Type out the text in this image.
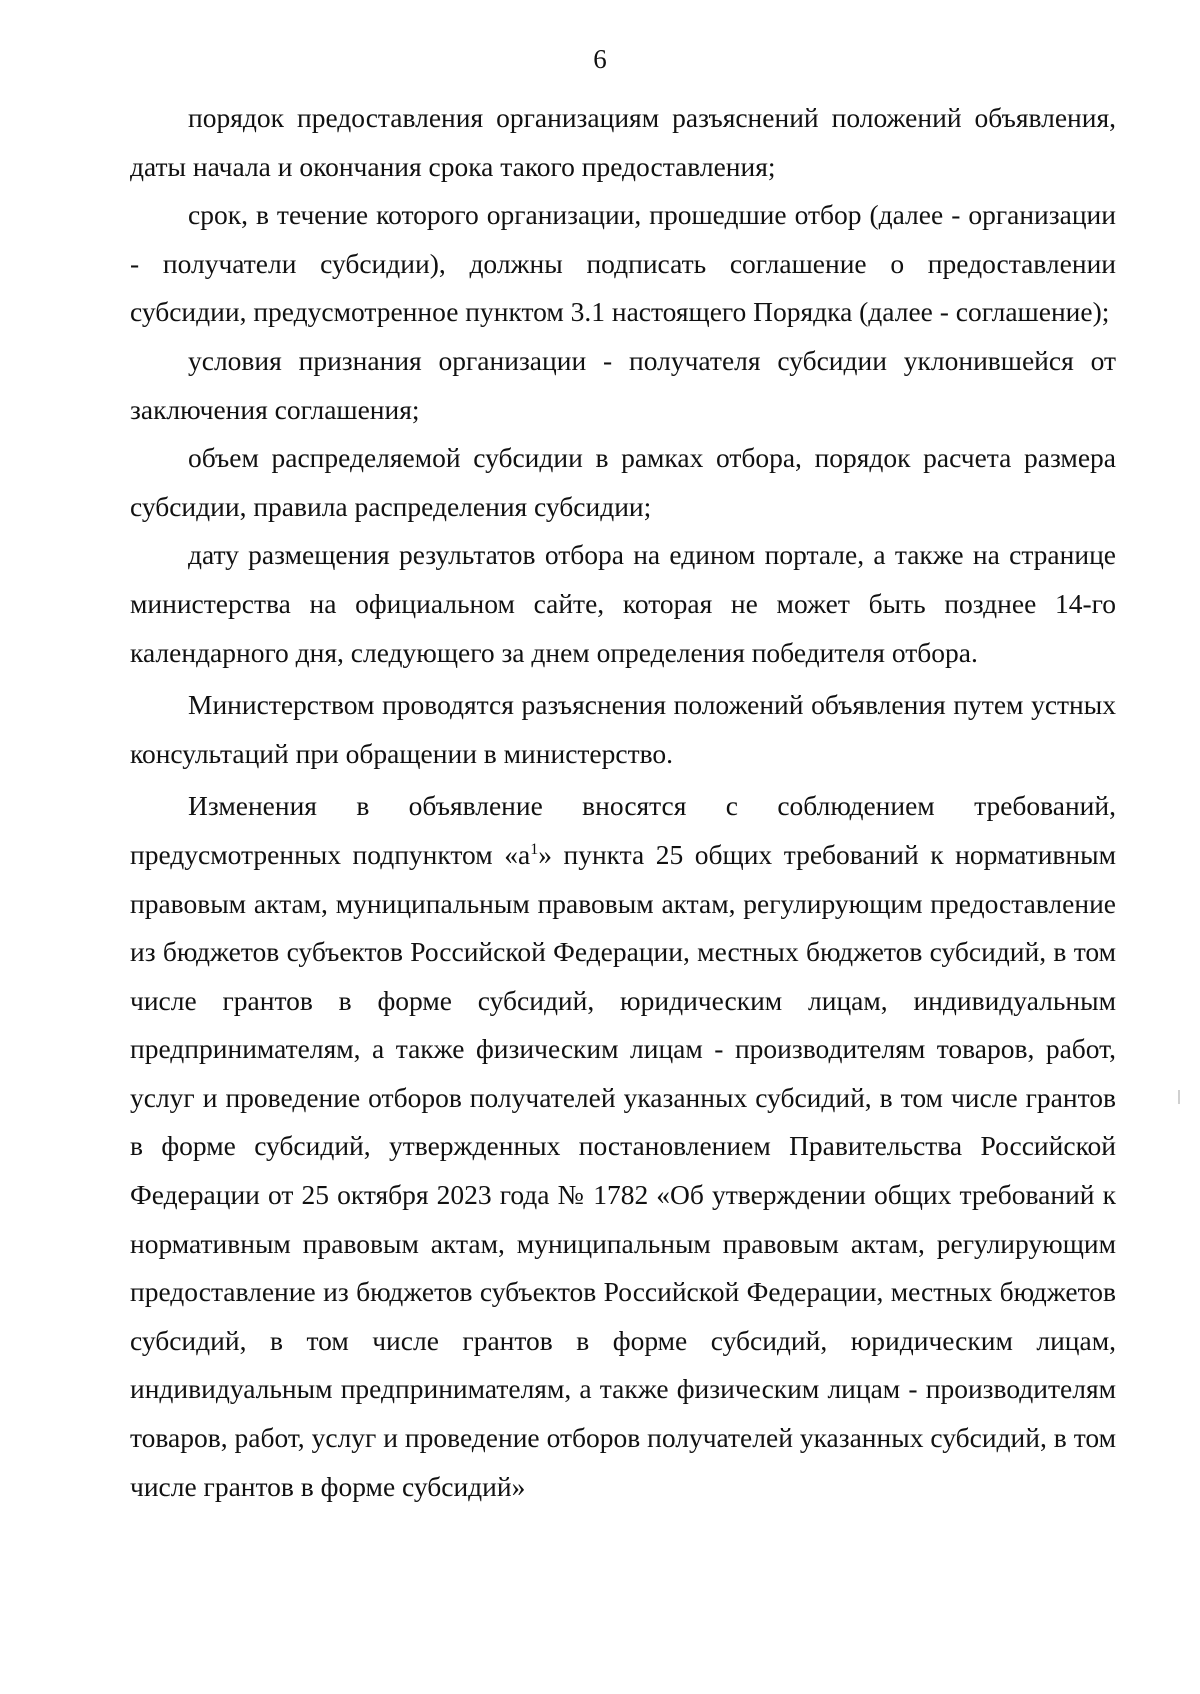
6

порядок предоставления организациям разъяснений положений объявления, даты начала и окончания срока такого предоставления;

срок, в течение которого организации, прошедшие отбор (далее - организации - получатели субсидии), должны подписать соглашение о предоставлении субсидии, предусмотренное пунктом 3.1 настоящего Порядка (далее - соглашение);

условия признания организации - получателя субсидии уклонившейся от заключения соглашения;

объем распределяемой субсидии в рамках отбора, порядок расчета размера субсидии, правила распределения субсидии;

дату размещения результатов отбора на едином портале, а также на странице министерства на официальном сайте, которая не может быть позднее 14-го календарного дня, следующего за днем определения победителя отбора.

Министерством проводятся разъяснения положений объявления путем устных консультаций при обращении в министерство.

Изменения в объявление вносятся с соблюдением требований, предусмотренных подпунктом «$а^1$» пункта 25 общих требований к нормативным правовым актам, муниципальным правовым актам, регулирующим предоставление из бюджетов субъектов Российской Федерации, местных бюджетов субсидий, в том числе грантов в форме субсидий, юридическим лицам, индивидуальным предпринимателям, а также физическим лицам - производителям товаров, работ, услуг и проведение отборов получателей указанных субсидий, в том числе грантов в форме субсидий, утвержденных постановлением Правительства Российской Федерации от 25 октября 2023 года № 1782 «Об утверждении общих требований к нормативным правовым актам, муниципальным правовым актам, регулирующим предоставление из бюджетов субъектов Российской Федерации, местных бюджетов субсидий, в том числе грантов в форме субсидий, юридическим лицам, индивидуальным предпринимателям, а также физическим лицам - производителям товаров, работ, услуг и проведение отборов получателей указанных субсидий, в том числе грантов в форме субсидий»
